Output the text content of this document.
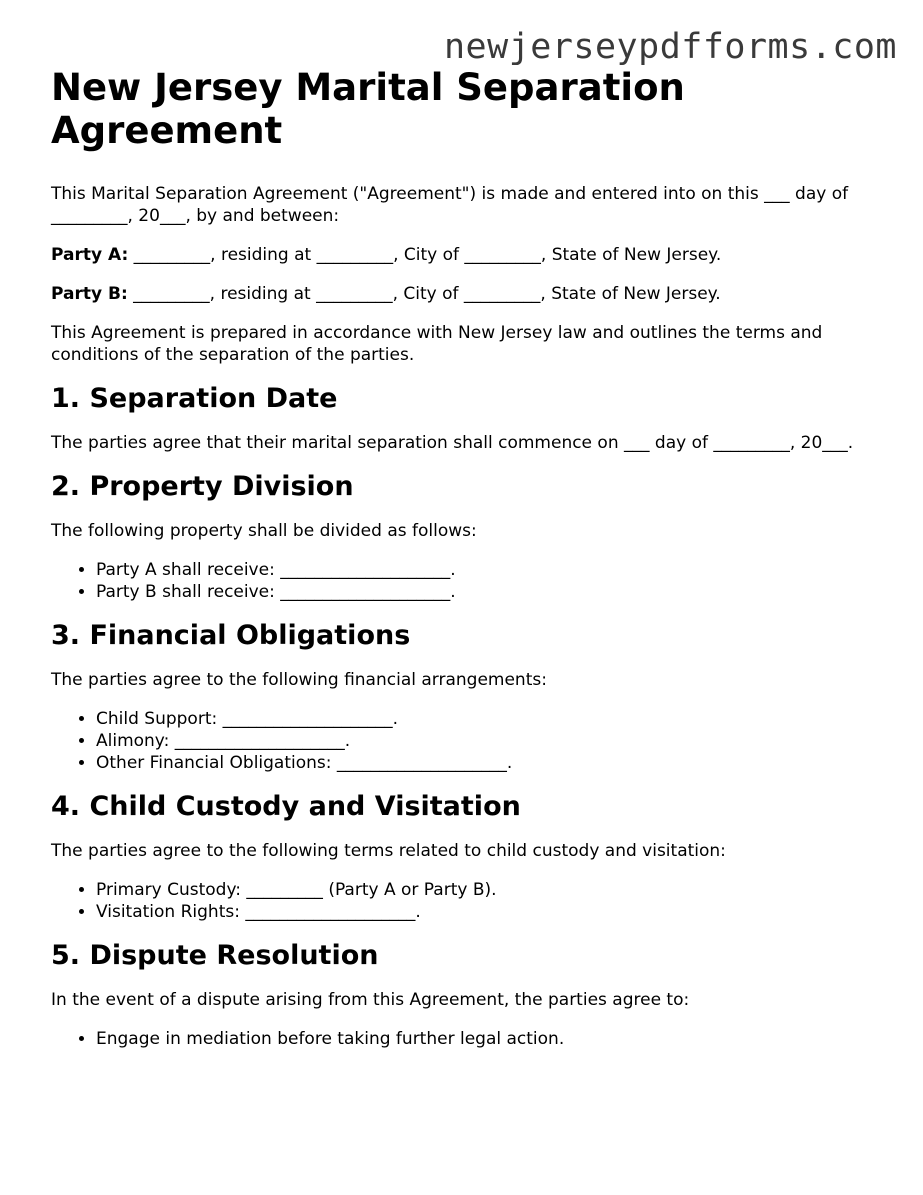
newjerseypdfforms.com
New Jersey Marital Separation Agreement

This Marital Separation Agreement ("Agreement") is made and entered into on this ___ day of _________, 20___, by and between:

Party A: _________, residing at _________, City of _________, State of New Jersey.

Party B: _________, residing at _________, City of _________, State of New Jersey.

This Agreement is prepared in accordance with New Jersey law and outlines the terms and conditions of the separation of the parties.

1. Separation Date

The parties agree that their marital separation shall commence on ___ day of _________, 20___.

2. Property Division

The following property shall be divided as follows:

• Party A shall receive: ____________________.
• Party B shall receive: ____________________.
3. Financial Obligations

The parties agree to the following financial arrangements:

• Child Support: ____________________.
• Alimony: ____________________.
• Other Financial Obligations: ____________________.
4. Child Custody and Visitation

The parties agree to the following terms related to child custody and visitation:

• Primary Custody: _________ (Party A or Party B).
• Visitation Rights: ____________________.
5. Dispute Resolution

In the event of a dispute arising from this Agreement, the parties agree to:

• Engage in mediation before taking further legal action.
